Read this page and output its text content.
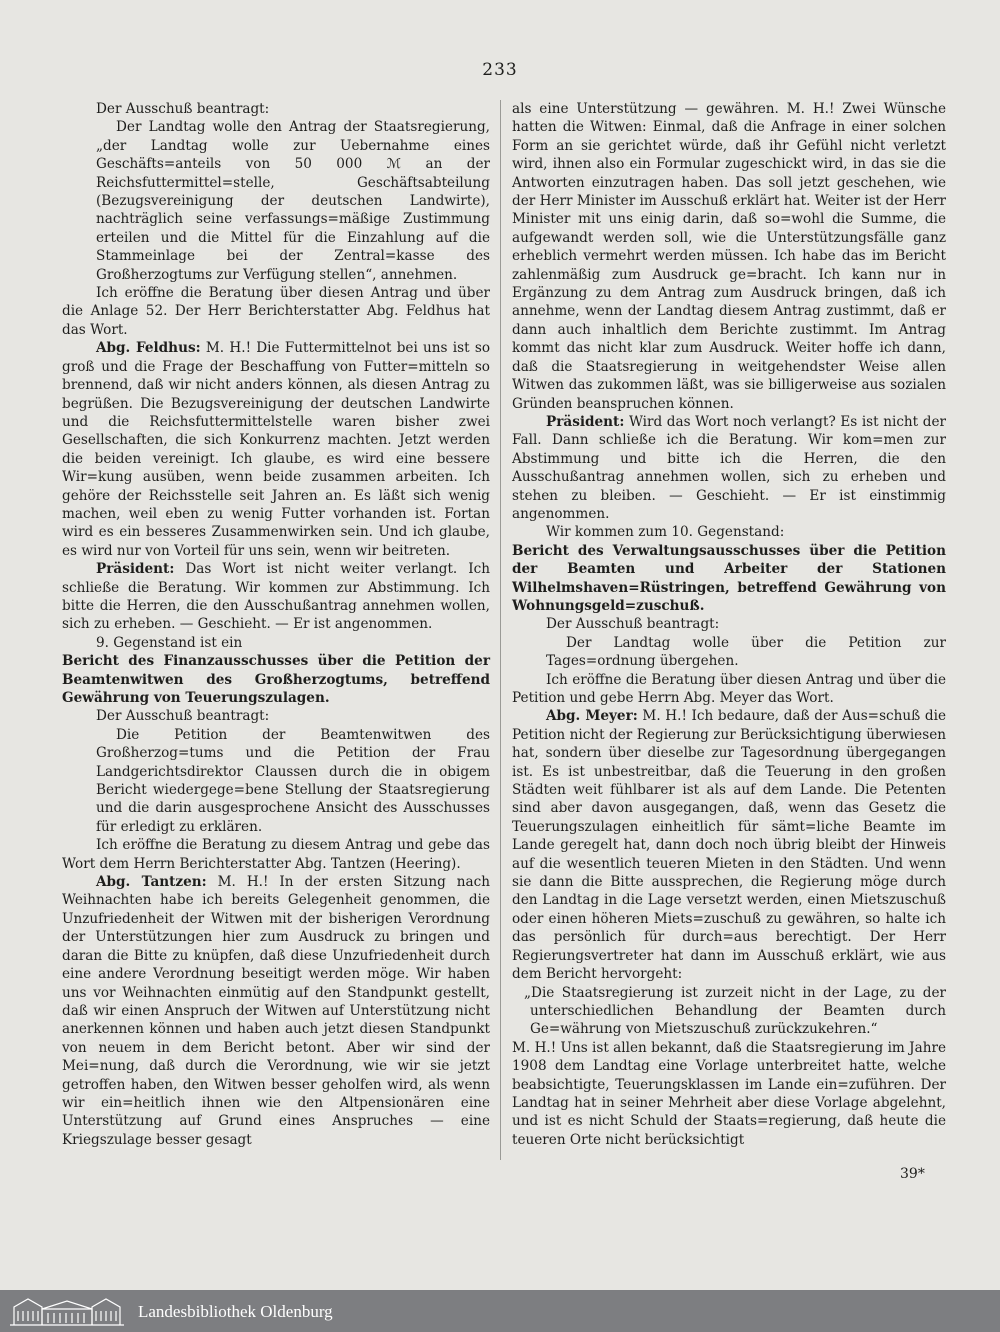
233

Der Ausschuß beantragt:

Der Landtag wolle den Antrag der Staatsregierung, „der Landtag wolle zur Uebernahme eines Geschäfts=anteils von 50 000 ℳ an der Reichsfuttermittel=stelle, Geschäftsabteilung (Bezugsvereinigung der deutschen Landwirte), nachträglich seine verfassungs=mäßige Zustimmung erteilen und die Mittel für die Einzahlung auf die Stammeinlage bei der Zentral=kasse des Großherzogtums zur Verfügung stellen“, annehmen.

Ich eröffne die Beratung über diesen Antrag und über die Anlage 52. Der Herr Berichterstatter Abg. Feldhus hat das Wort.

Abg. Feldhus: M. H.! Die Futtermittelnot bei uns ist so groß und die Frage der Beschaffung von Futter=mitteln so brennend, daß wir nicht anders können, als diesen Antrag zu begrüßen. Die Bezugsvereinigung der deutschen Landwirte und die Reichsfuttermittelstelle waren bisher zwei Gesellschaften, die sich Konkurrenz machten. Jetzt werden die beiden vereinigt. Ich glaube, es wird eine bessere Wir=kung ausüben, wenn beide zusammen arbeiten. Ich gehöre der Reichsstelle seit Jahren an. Es läßt sich wenig machen, weil eben zu wenig Futter vorhanden ist. Fortan wird es ein besseres Zusammenwirken sein. Und ich glaube, es wird nur von Vorteil für uns sein, wenn wir beitreten.

Präsident: Das Wort ist nicht weiter verlangt. Ich schließe die Beratung. Wir kommen zur Abstimmung. Ich bitte die Herren, die den Ausschußantrag annehmen wollen, sich zu erheben. — Geschieht. — Er ist angenommen.

9. Gegenstand ist ein

Bericht des Finanzausschusses über die Petition der Beamtenwitwen des Großherzogtums, betreffend Gewährung von Teuerungszulagen.

Der Ausschuß beantragt:

Die Petition der Beamtenwitwen des Großherzog=tums und die Petition der Frau Landgerichtsdirektor Claussen durch die in obigem Bericht wiedergege=bene Stellung der Staatsregierung und die darin ausgesprochene Ansicht des Ausschusses für erledigt zu erklären.

Ich eröffne die Beratung zu diesem Antrag und gebe das Wort dem Herrn Berichterstatter Abg. Tantzen (Heering).

Abg. Tantzen: M. H.! In der ersten Sitzung nach Weihnachten habe ich bereits Gelegenheit genommen, die Unzufriedenheit der Witwen mit der bisherigen Verordnung der Unterstützungen hier zum Ausdruck zu bringen und daran die Bitte zu knüpfen, daß diese Unzufriedenheit durch eine andere Verordnung beseitigt werden möge. Wir haben uns vor Weihnachten einmütig auf den Standpunkt gestellt, daß wir einen Anspruch der Witwen auf Unterstützung nicht anerkennen können und haben auch jetzt diesen Standpunkt von neuem in dem Bericht betont. Aber wir sind der Mei=nung, daß durch die Verordnung, wie wir sie jetzt getroffen haben, den Witwen besser geholfen wird, als wenn wir ein=heitlich ihnen wie den Altpensionären eine Unterstützung auf Grund eines Anspruches — eine Kriegszulage besser gesagt

als eine Unterstützung — gewähren. M. H.! Zwei Wünsche hatten die Witwen: Einmal, daß die Anfrage in einer solchen Form an sie gerichtet würde, daß ihr Gefühl nicht verletzt wird, ihnen also ein Formular zugeschickt wird, in das sie die Antworten einzutragen haben. Das soll jetzt geschehen, wie der Herr Minister im Ausschuß erklärt hat. Weiter ist der Herr Minister mit uns einig darin, daß so=wohl die Summe, die aufgewandt werden soll, wie die Unterstützungsfälle ganz erheblich vermehrt werden müssen. Ich habe das im Bericht zahlenmäßig zum Ausdruck ge=bracht. Ich kann nur in Ergänzung zu dem Antrag zum Ausdruck bringen, daß ich annehme, wenn der Landtag diesem Antrag zustimmt, daß er dann auch inhaltlich dem Berichte zustimmt. Im Antrag kommt das nicht klar zum Ausdruck. Weiter hoffe ich dann, daß die Staatsregierung in weitgehendster Weise allen Witwen das zukommen läßt, was sie billigerweise aus sozialen Gründen beanspruchen können.

Präsident: Wird das Wort noch verlangt? Es ist nicht der Fall. Dann schließe ich die Beratung. Wir kom=men zur Abstimmung und bitte ich die Herren, die den Ausschußantrag annehmen wollen, sich zu erheben und stehen zu bleiben. — Geschieht. — Er ist einstimmig angenommen.

Wir kommen zum 10. Gegenstand:

Bericht des Verwaltungsausschusses über die Petition der Beamten und Arbeiter der Stationen Wilhelmshaven=Rüstringen, betreffend Gewährung von Wohnungsgeld=zuschuß.

Der Ausschuß beantragt:

Der Landtag wolle über die Petition zur Tages=ordnung übergehen.

Ich eröffne die Beratung über diesen Antrag und über die Petition und gebe Herrn Abg. Meyer das Wort.

Abg. Meyer: M. H.! Ich bedaure, daß der Aus=schuß die Petition nicht der Regierung zur Berücksichtigung überwiesen hat, sondern über dieselbe zur Tagesordnung übergegangen ist. Es ist unbestreitbar, daß die Teuerung in den großen Städten weit fühlbarer ist als auf dem Lande. Die Petenten sind aber davon ausgegangen, daß, wenn das Gesetz die Teuerungszulagen einheitlich für sämt=liche Beamte im Lande geregelt hat, dann doch noch übrig bleibt der Hinweis auf die wesentlich teueren Mieten in den Städten. Und wenn sie dann die Bitte aussprechen, die Regierung möge durch den Landtag in die Lage versetzt werden, einen Mietszuschuß oder einen höheren Miets=zuschuß zu gewähren, so halte ich das persönlich für durch=aus berechtigt. Der Herr Regierungsvertreter hat dann im Ausschuß erklärt, wie aus dem Bericht hervorgeht:

„Die Staatsregierung ist zurzeit nicht in der Lage, zu der unterschiedlichen Behandlung der Beamten durch Ge=währung von Mietszuschuß zurückzukehren.“

M. H.! Uns ist allen bekannt, daß die Staatsregierung im Jahre 1908 dem Landtag eine Vorlage unterbreitet hatte, welche beabsichtigte, Teuerungsklassen im Lande ein=zuführen. Der Landtag hat in seiner Mehrheit aber diese Vorlage abgelehnt, und ist es nicht Schuld der Staats=regierung, daß heute die teueren Orte nicht berücksichtigt

39*
Landesbibliothek Oldenburg
